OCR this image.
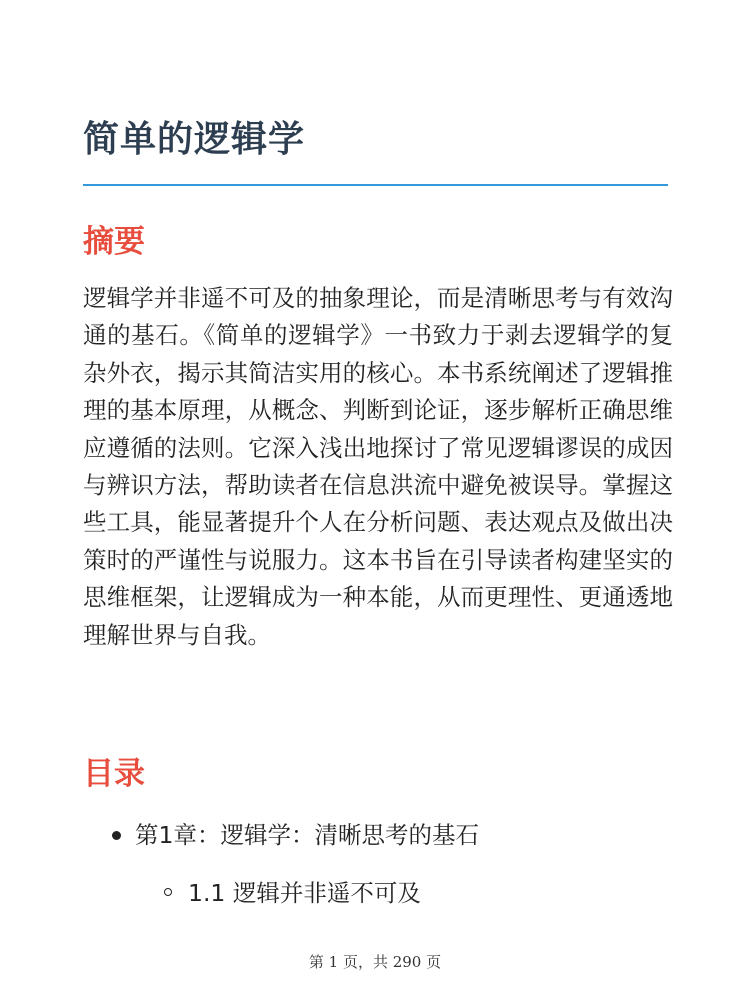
简单的逻辑学
摘要

逻辑学并非遥不可及的抽象理论，而是清晰思考与有效沟通的基石。《简单的逻辑学》一书致力于剥去逻辑学的复杂外衣，揭示其简洁实用的核心。本书系统阐述了逻辑推理的基本原理，从概念、判断到论证，逐步解析正确思维应遵循的法则。它深入浅出地探讨了常见逻辑谬误的成因与辨识方法，帮助读者在信息洪流中避免被误导。掌握这些工具，能显著提升个人在分析问题、表达观点及做出决策时的严谨性与说服力。这本书旨在引导读者构建坚实的思维框架，让逻辑成为一种本能，从而更理性、更通透地理解世界与自我。

目录
第1章：逻辑学：清晰思考的基石
1.1 逻辑并非遥不可及
第 1 页，共 290 页
